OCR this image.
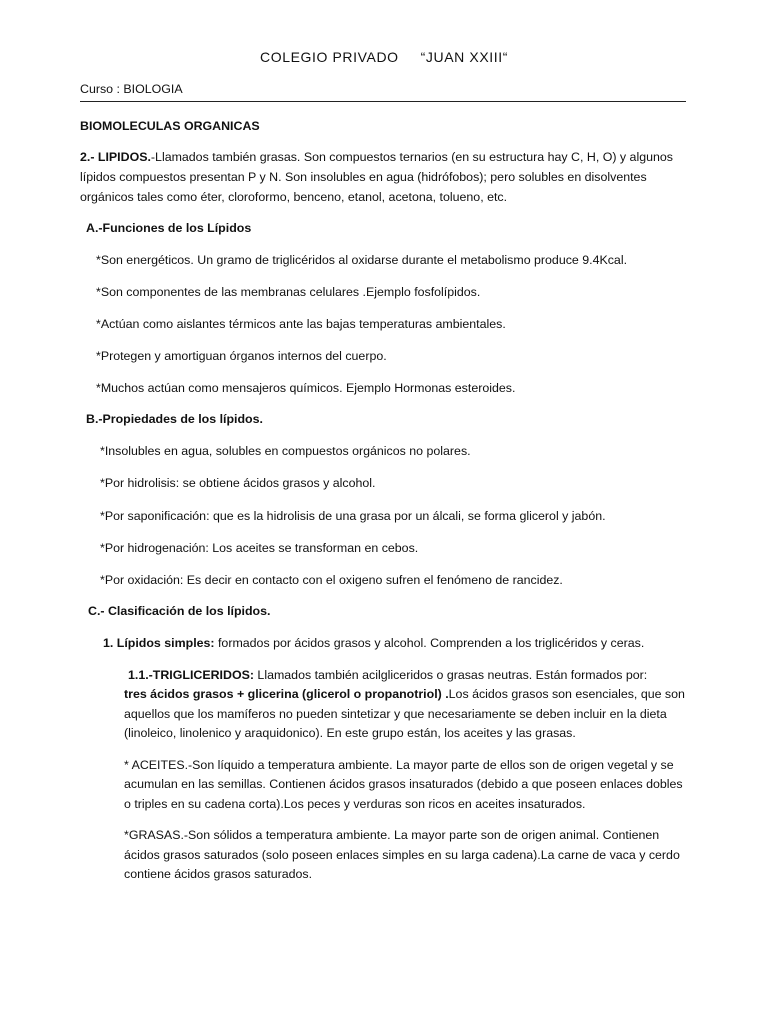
COLEGIO PRIVADO “JUAN XXIII“

Curso : BIOLOGIA

BIOMOLECULAS ORGANICAS

2.- LIPIDOS.-Llamados también grasas. Son compuestos ternarios (en su estructura hay C, H, O) y algunos

lípidos compuestos presentan P y N. Son insolubles en agua (hidrófobos); pero solubles en disolventes

orgánicos tales como éter, cloroformo, benceno, etanol, acetona, tolueno, etc.

A.-Funciones de los Lípidos

*Son energéticos. Un gramo de triglicéridos al oxidarse durante el metabolismo produce 9.4Kcal.

*Son componentes de las membranas celulares .Ejemplo fosfolípidos.

*Actúan como aislantes térmicos ante las bajas temperaturas ambientales.

*Protegen y amortiguan órganos internos del cuerpo.

*Muchos actúan como mensajeros químicos. Ejemplo Hormonas esteroides.

B.-Propiedades de los lípidos.

*Insolubles en agua, solubles en compuestos orgánicos no polares.

*Por hidrolisis: se obtiene ácidos grasos y alcohol.

*Por saponificación: que es la hidrolisis de una grasa por un álcali, se forma glicerol y jabón.

*Por hidrogenación: Los aceites se transforman en cebos.

*Por oxidación: Es decir en contacto con el oxigeno sufren el fenómeno de rancidez.

C.- Clasificación de los lípidos.

1. Lípidos simples: formados por ácidos grasos y alcohol. Comprenden a los triglicéridos y ceras.

1.1.-TRIGLICERIDOS: Llamados también acilgliceridos o grasas neutras. Están formados por:

tres ácidos grasos + glicerina (glicerol o propanotriol) .Los ácidos grasos son esenciales, que son

aquellos que los mamíferos no pueden sintetizar y que necesariamente se deben incluir en la dieta

(linoleico, linolenico y araquidonico). En este grupo están, los aceites y las grasas.

* ACEITES.-Son líquido a temperatura ambiente. La mayor parte de ellos son de origen vegetal y se

acumulan en las semillas. Contienen ácidos grasos insaturados (debido a que poseen enlaces dobles

o triples en su cadena corta).Los peces y verduras son ricos en aceites insaturados.

*GRASAS.-Son sólidos a temperatura ambiente. La mayor parte son de origen animal. Contienen

ácidos grasos saturados (solo poseen enlaces simples en su larga cadena).La carne de vaca y cerdo

contiene ácidos grasos saturados.
